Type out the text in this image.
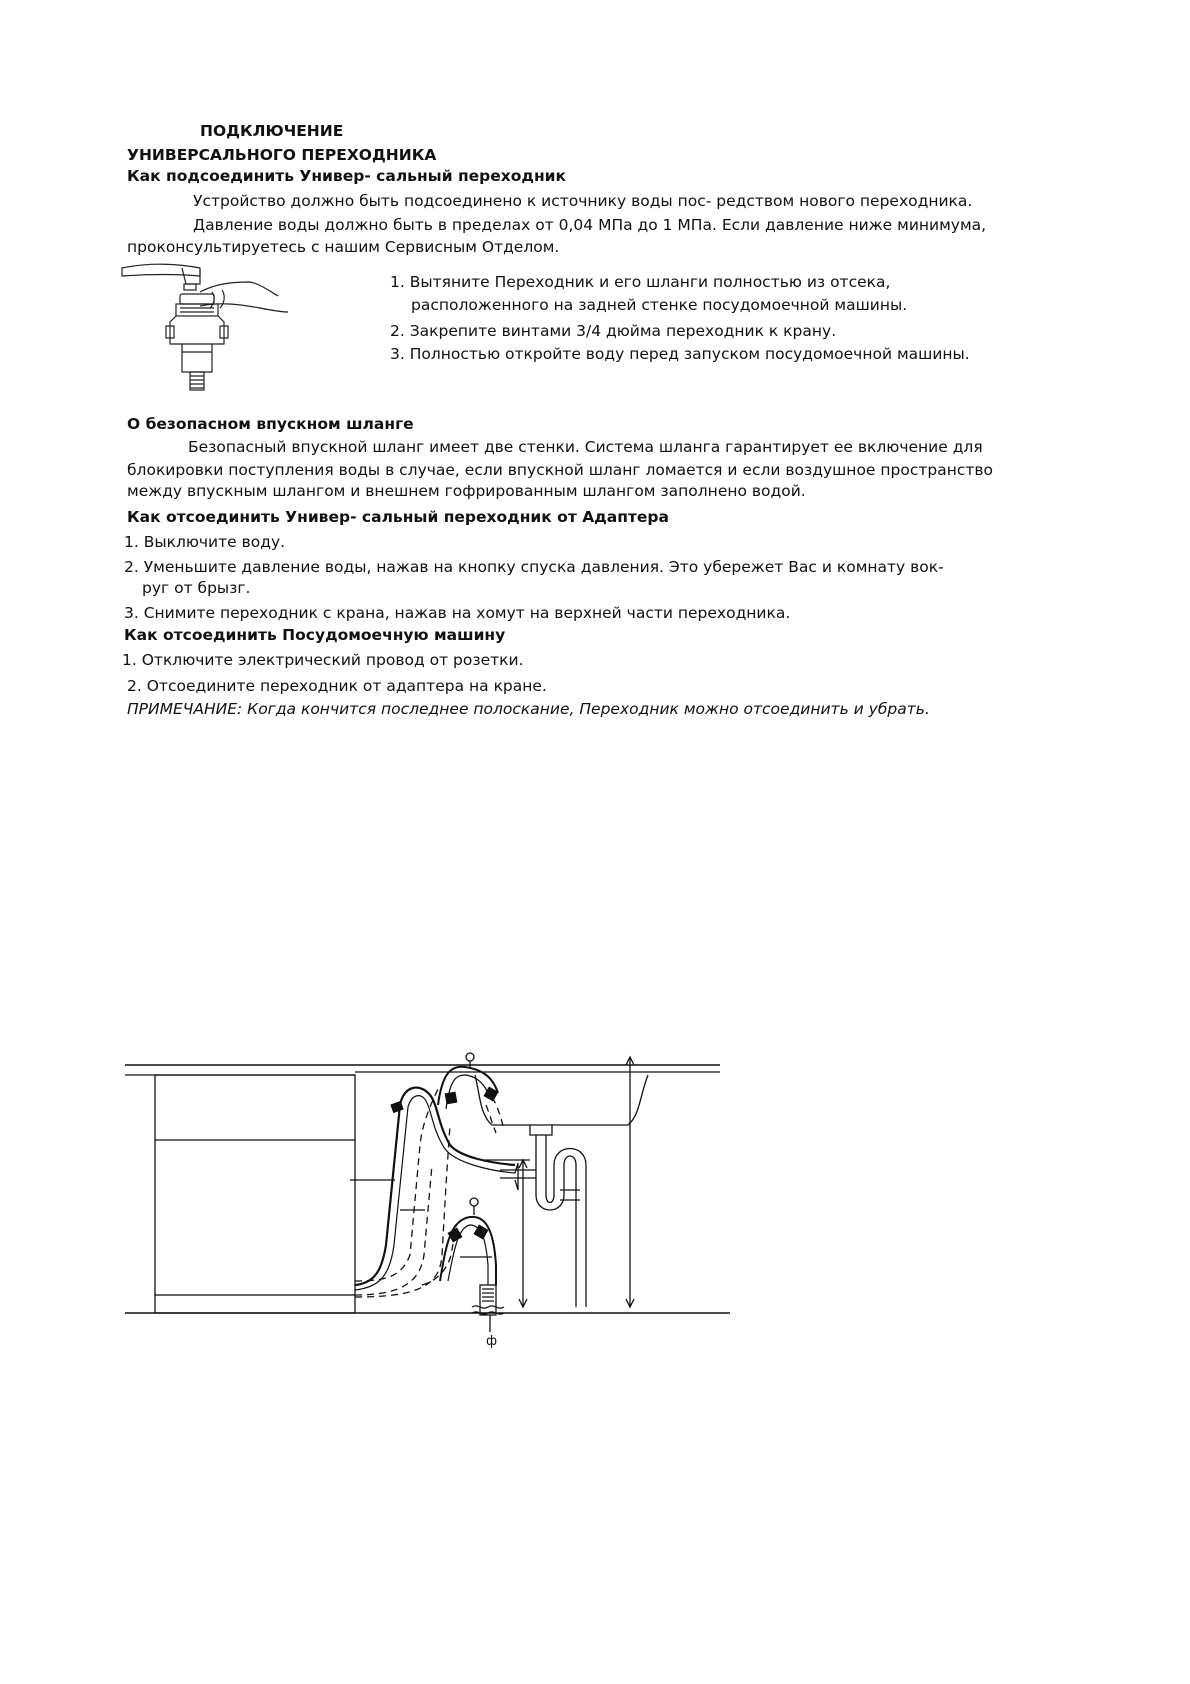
ПОДКЛЮЧЕНИЕ
УНИВЕРСАЛЬНОГО ПЕРЕХОДНИКА
Как подсоединить Универ- сальный переходник
Устройство должно быть подсоединено к источнику воды пос- редством нового переходника.
Давление воды должно быть в пределах от 0,04 МПа до 1 МПа. Если давление ниже минимума,
проконсультируетесь с нашим Сервисным Отделом.
1. Вытяните Переходник и его шланги полностью из отсека,
расположенного на задней стенке посудомоечной машины.
2. Закрепите винтами 3/4 дюйма переходник к крану.
3. Полностью откройте воду перед запуском посудомоечной машины.
О безопасном впускном шланге
Безопасный впускной шланг имеет две стенки. Система шланга гарантирует ее включение для
блокировки поступления воды в случае, если впускной шланг ломается и если воздушное пространство
между впускным шлангом и внешнем гофрированным шлангом заполнено водой.
Как отсоединить Универ- сальный переходник от Адаптера
1. Выключите воду.
2. Уменьшите давление воды, нажав на кнопку спуска давления. Это убережет Вас и комнату вок-
руг от брызг.
3. Снимите переходник с крана, нажав на хомут на верхней части переходника.
Как отсоединить Посудомоечную машину
1. Отключите электрический провод от розетки.
2. Отсоедините переходник от адаптера на кране.
ПРИМЕЧАНИЕ: Когда кончится последнее полоскание, Переходник можно отсоединить и убрать.
ф
